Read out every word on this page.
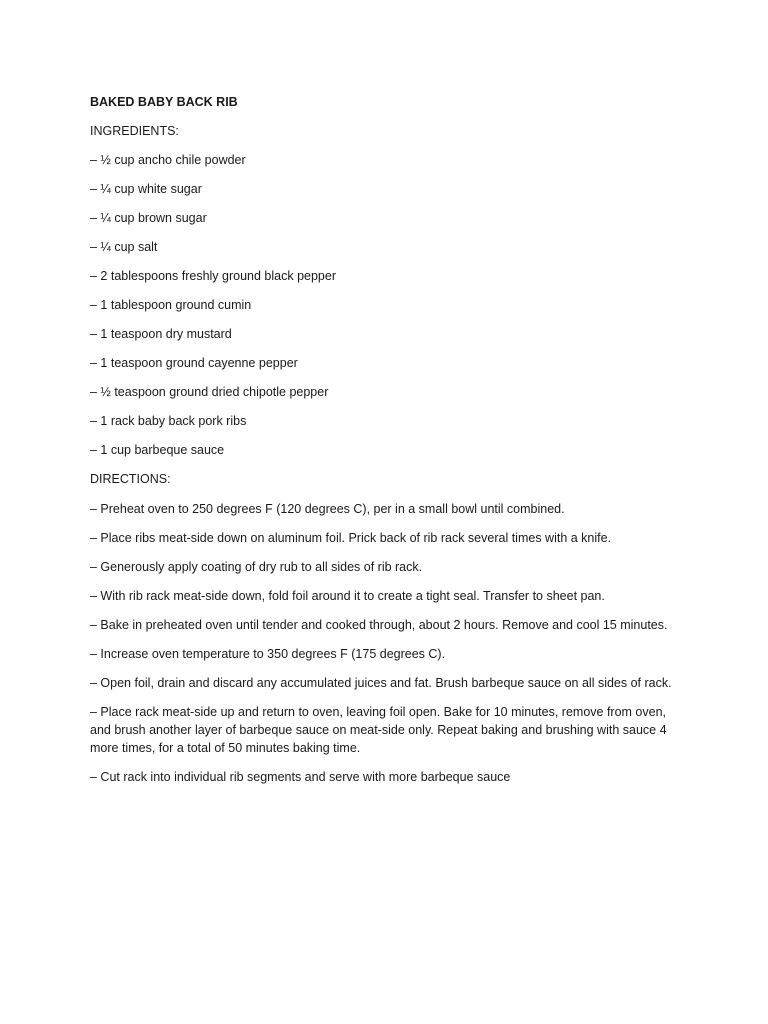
BAKED BABY BACK RIB
INGREDIENTS:
– ½ cup ancho chile powder
– ¼ cup white sugar
– ¼ cup brown sugar
– ¼ cup salt
– 2 tablespoons freshly ground black pepper
– 1 tablespoon ground cumin
– 1 teaspoon dry mustard
– 1 teaspoon ground cayenne pepper
– ½ teaspoon ground dried chipotle pepper
– 1 rack baby back pork ribs
– 1 cup barbeque sauce
DIRECTIONS:
– Preheat oven to 250 degrees F (120 degrees C), per in a small bowl until combined.
– Place ribs meat-side down on aluminum foil. Prick back of rib rack several times with a knife.
– Generously apply coating of dry rub to all sides of rib rack.
– With rib rack meat-side down, fold foil around it to create a tight seal. Transfer to sheet pan.
– Bake in preheated oven until tender and cooked through, about 2 hours. Remove and cool 15 minutes.
– Increase oven temperature to 350 degrees F (175 degrees C).
– Open foil, drain and discard any accumulated juices and fat. Brush barbeque sauce on all sides of rack.
– Place rack meat-side up and return to oven, leaving foil open. Bake for 10 minutes, remove from oven, and brush another layer of barbeque sauce on meat-side only. Repeat baking and brushing with sauce 4 more times, for a total of 50 minutes baking time.
– Cut rack into individual rib segments and serve with more barbeque sauce
